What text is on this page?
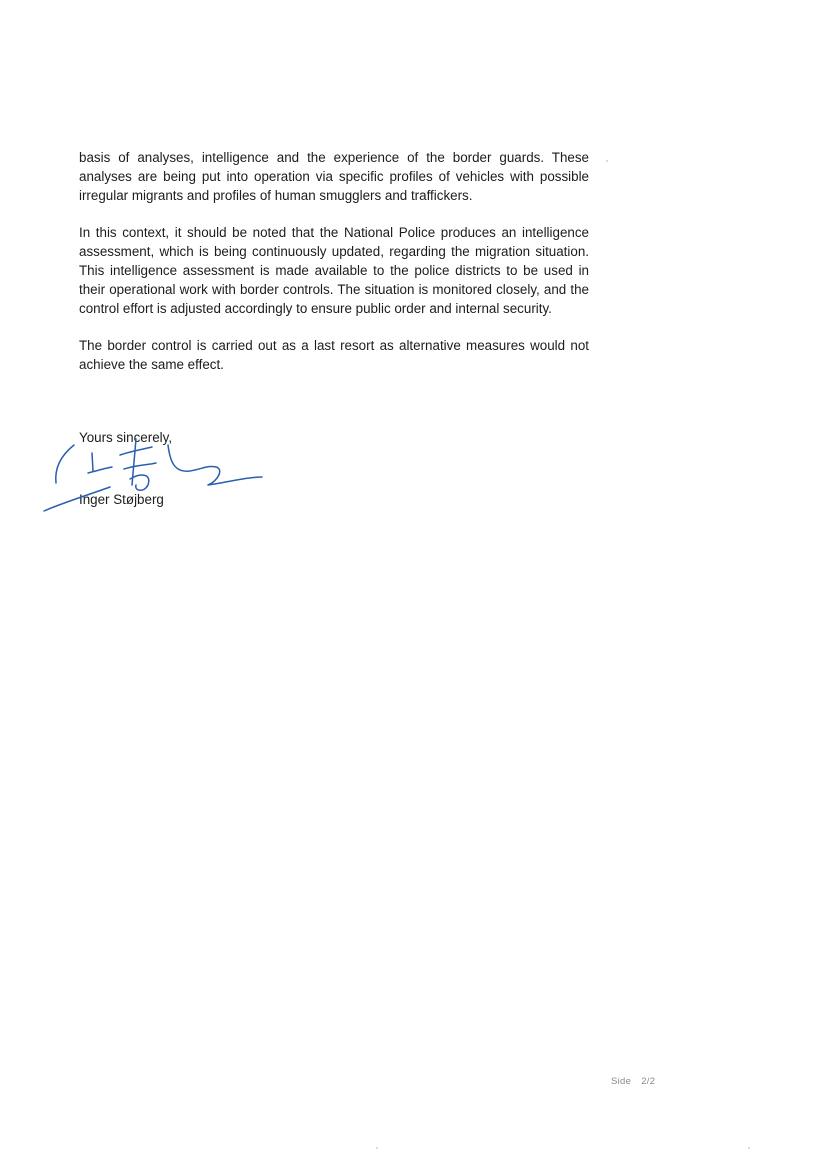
basis of analyses, intelligence and the experience of the border guards. These analyses are being put into operation via specific profiles of vehicles with possible irregular migrants and profiles of human smugglers and traffickers.

In this context, it should be noted that the National Police produces an intelligence assessment, which is being continuously updated, regarding the migration situation. This intelligence assessment is made available to the police districts to be used in their operational work with border controls. The situation is monitored closely, and the control effort is adjusted accordingly to ensure public order and internal security.

The border control is carried out as a last resort as alternative measures would not achieve the same effect.

Yours sincerely,
Inger Støjberg
Side 2/2
